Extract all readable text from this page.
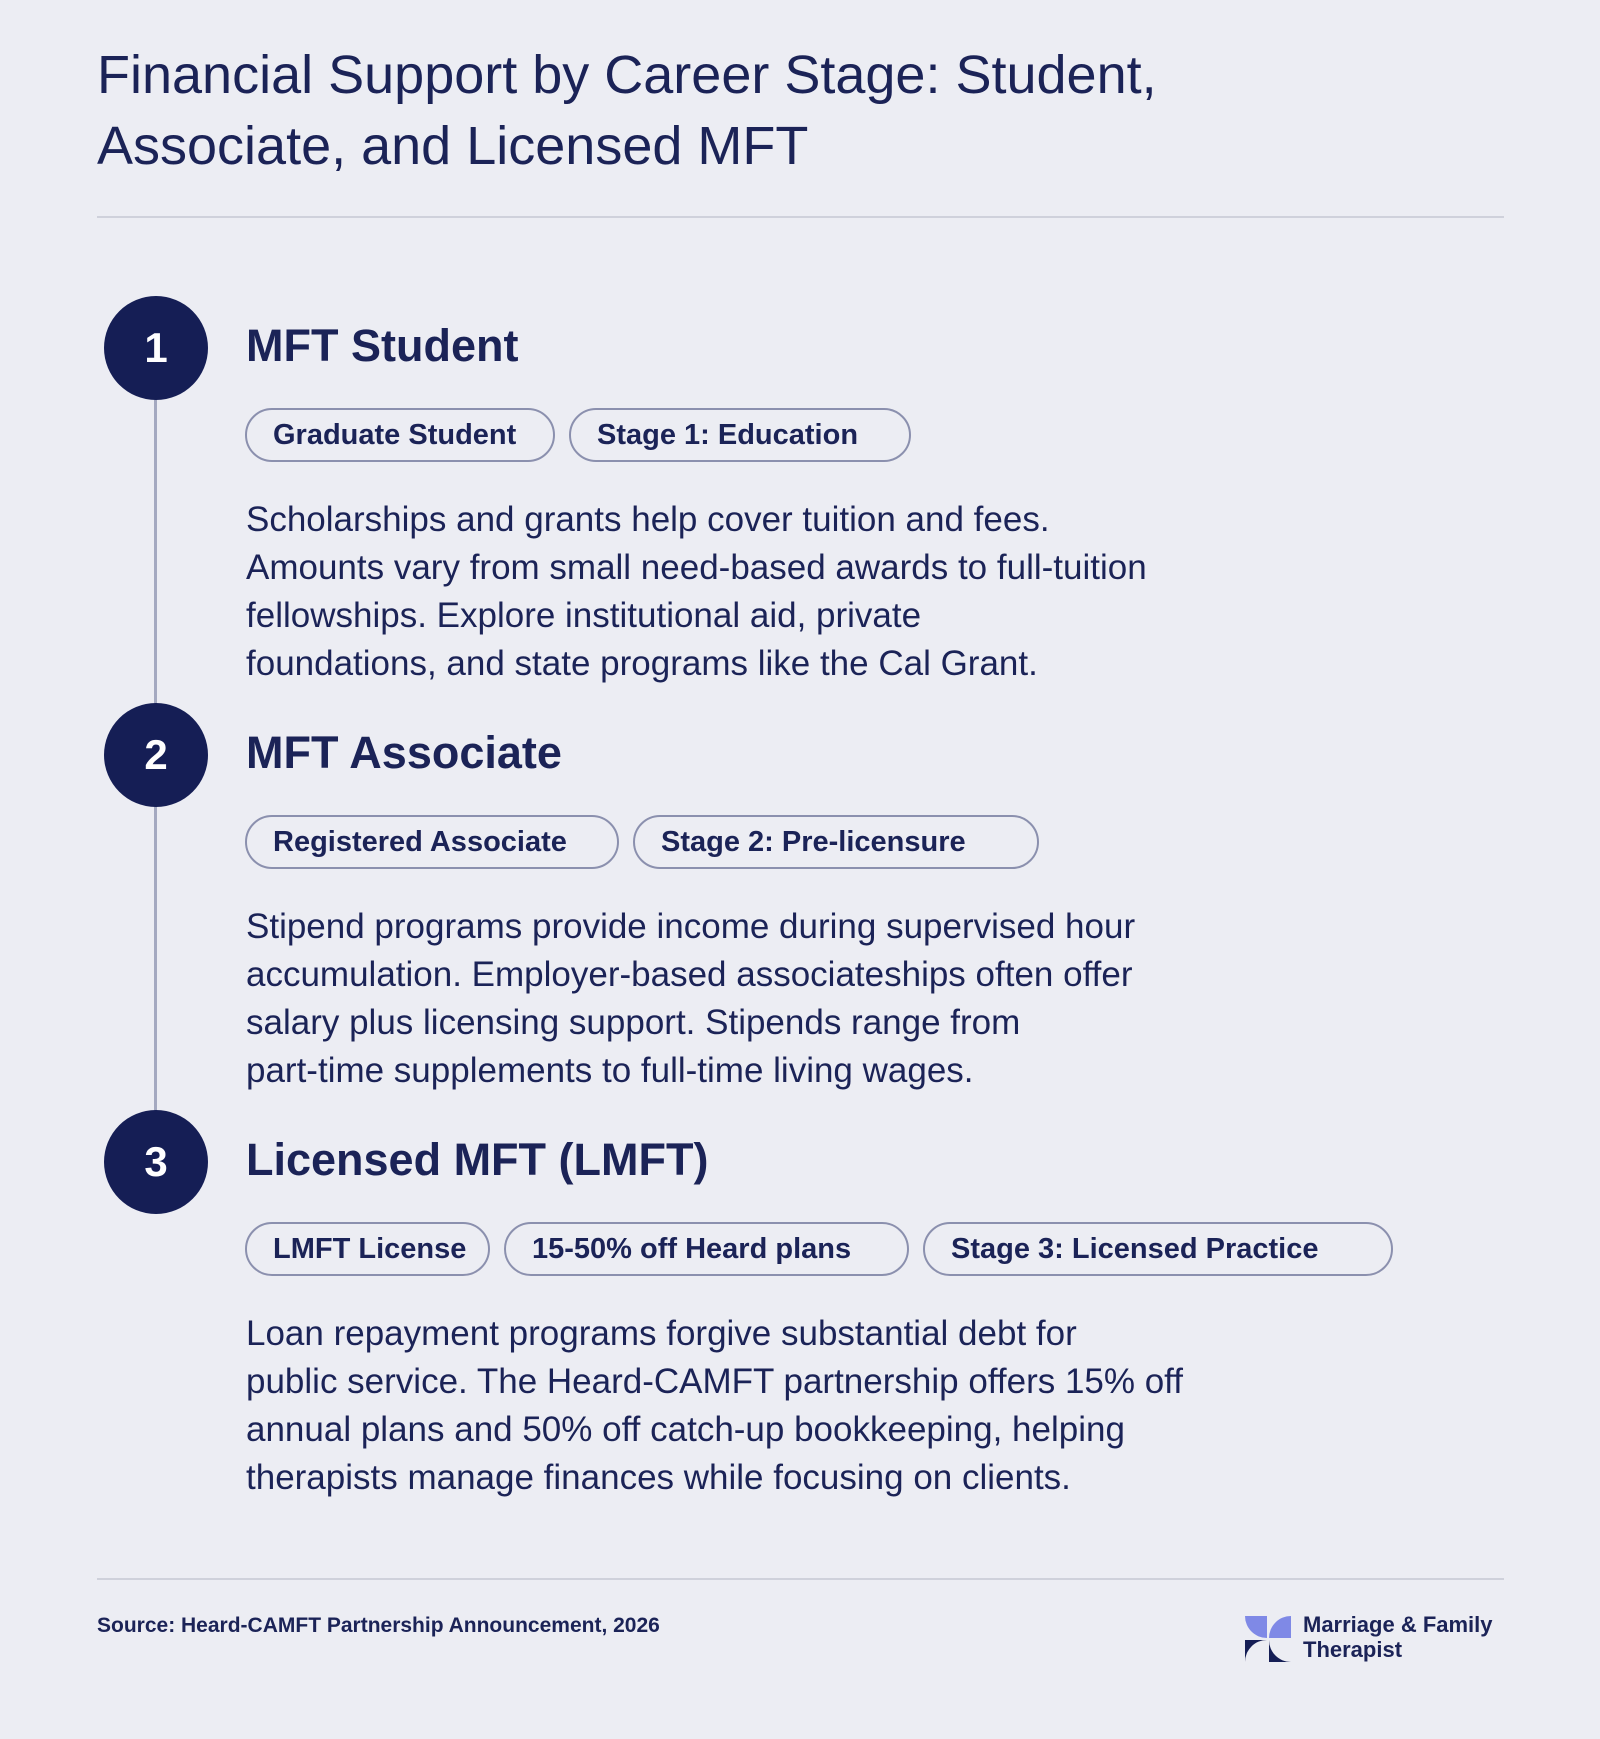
Financial Support by Career Stage: Student,
Associate, and Licensed MFT
1	MFT Student
Graduate Student	Stage 1: Education

Scholarships and grants help cover tuition and fees.
Amounts vary from small need-based awards to full-tuition
fellowships. Explore institutional aid, private
foundations, and state programs like the Cal Grant.

2	MFT Associate
Registered Associate	Stage 2: Pre-licensure

Stipend programs provide income during supervised hour
accumulation. Employer-based associateships often offer
salary plus licensing support. Stipends range from
part-time supplements to full-time living wages.

3	Licensed MFT (LMFT)
LMFT License	15-50% off Heard plans	Stage 3: Licensed Practice

Loan repayment programs forgive substantial debt for
public service. The Heard-CAMFT partnership offers 15% off
annual plans and 50% off catch-up bookkeeping, helping
therapists manage finances while focusing on clients.

Source: Heard-CAMFT Partnership Announcement, 2026	Marriage & Family
Therapist
